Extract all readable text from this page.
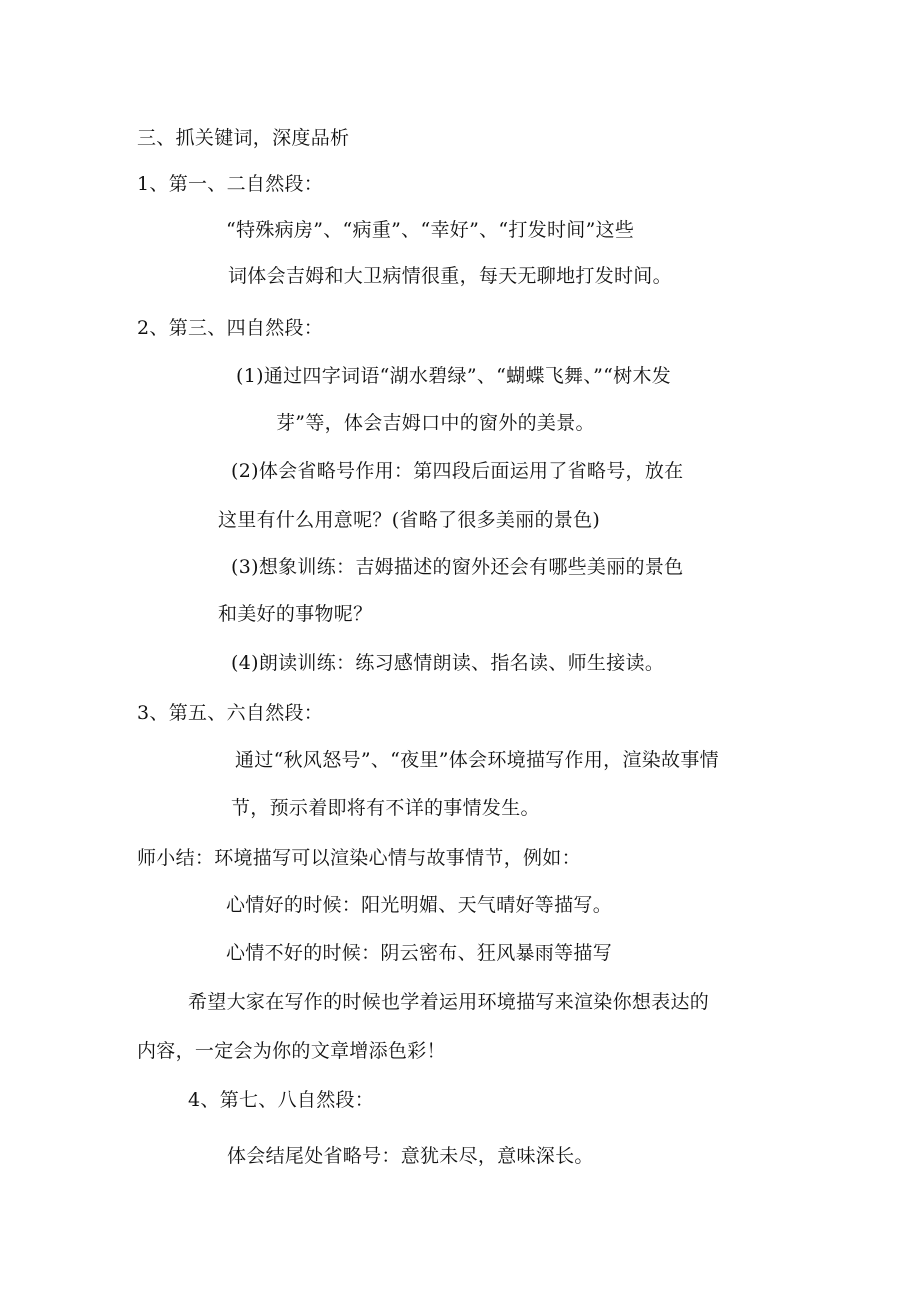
三、抓关键词，深度品析
1、第一、二自然段：
“特殊病房”、“病重”、“幸好”、“打发时间”这些
词体会吉姆和大卫病情很重，每天无聊地打发时间。
2、第三、四自然段：
(1)通过四字词语“湖水碧绿”、“蝴蝶飞舞、”“树木发
芽”等，体会吉姆口中的窗外的美景。
(2)体会省略号作用：第四段后面运用了省略号，放在
这里有什么用意呢？(省略了很多美丽的景色)
(3)想象训练：吉姆描述的窗外还会有哪些美丽的景色
和美好的事物呢？
(4)朗读训练：练习感情朗读、指名读、师生接读。
3、第五、六自然段：
通过“秋风怒号”、“夜里”体会环境描写作用，渲染故事情
节，预示着即将有不详的事情发生。
师小结：环境描写可以渲染心情与故事情节，例如：
心情好的时候：阳光明媚、天气晴好等描写。
心情不好的时候：阴云密布、狂风暴雨等描写
希望大家在写作的时候也学着运用环境描写来渲染你想表达的
内容，一定会为你的文章增添色彩！
4、第七、八自然段：
体会结尾处省略号：意犹未尽，意味深长。
